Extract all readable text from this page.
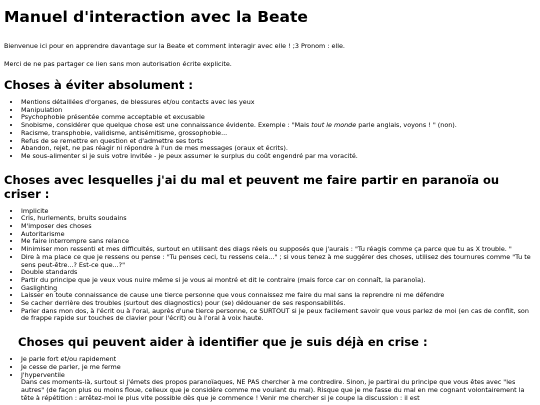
Manuel d'interaction avec la Beate

Bienvenue ici pour en apprendre davantage sur la Beate et comment interagir avec elle ! ;3 Pronom : elle.

Merci de ne pas partager ce lien sans mon autorisation écrite explicite.

Choses à éviter absolument :
• Mentions détaillées d'organes, de blessures et/ou contacts avec les yeux
• Manipulation
• Psychophobie présentée comme acceptable et excusable
• Snobisme, considérer que quelque chose est une connaissance évidente. Exemple : "Mais tout le monde parle anglais, voyons ! " (non).
• Racisme, transphobie, validisme, antisémitisme, grossophobie...
• Refus de se remettre en question et d'admettre ses torts
• Abandon, rejet, ne pas réagir ni répondre à l'un de mes messages (oraux et écrits).
• Me sous-alimenter si je suis votre invitée - je peux assumer le surplus du coût engendré par ma voracité.
Choses avec lesquelles j'ai du mal et peuvent me faire partir en paranoïa ou criser :
• Implicite
• Cris, hurlements, bruits soudains
• M'imposer des choses
• Autoritarisme
• Me faire interrompre sans relance
• Minimiser mon ressenti et mes difficultés, surtout en utilisant des diags réels ou supposés que j'aurais : "Tu réagis comme ça parce que tu as X trouble. "
• Dire à ma place ce que je ressens ou pense : "Tu penses ceci, tu ressens cela..." ; si vous tenez à me suggérer des choses, utilisez des tournures comme "Tu te sens peut-être...? Est-ce que...?"
• Double standards
• Partir du principe que je veux vous nuire même si je vous ai montré et dit le contraire (mais force car on connaît, la paranoïa).
• Gaslighting
• Laisser en toute connaissance de cause une tierce personne que vous connaissez me faire du mal sans la reprendre ni me défendre
• Se cacher derrière des troubles (surtout des diagnostics) pour (se) dédouaner de ses responsabilités.
• Parler dans mon dos, à l'écrit ou à l'oral, auprès d'une tierce personne, ce SURTOUT si je peux facilement savoir que vous parlez de moi (en cas de conflit, son de frappe rapide sur touches de clavier pour l'écrit) ou à l'oral à voix haute.
Choses qui peuvent aider à identifier que je suis déjà en crise :
• Je parle fort et/ou rapidement
• Je cesse de parler, je me ferme
• J'hyperventile
Dans ces moments-là, surtout si j'émets des propos paranoïaques, NE PAS chercher à me contredire. Sinon, je partirai du principe que vous êtes avec "les autres" (de façon plus ou moins floue, celleux que je considère comme me voulant du mal). Risque que je me fasse du mal en me cognant volontairement la tête à répétition : arrêtez-moi le plus vite possible dès que je commence ! Venir me chercher si je coupe la discussion : il est
